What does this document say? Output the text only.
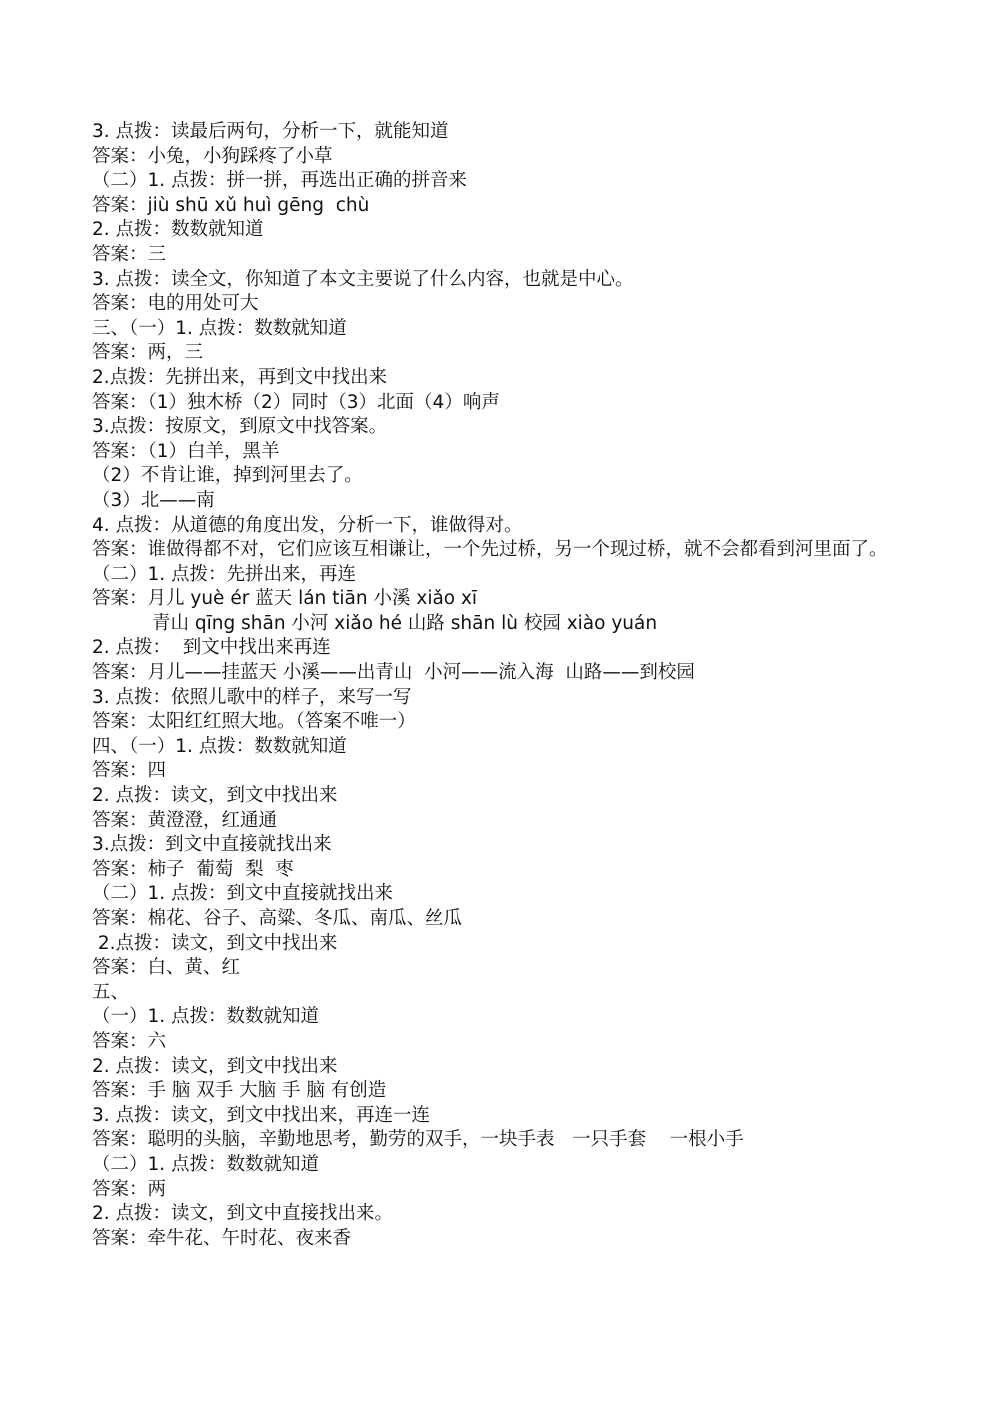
3. 点拨：读最后两句，分析一下，就能知道
答案：小兔，小狗踩疼了小草
（二）1. 点拨：拼一拼，再选出正确的拼音来
答案：jiù shū xǔ huì gēng  chù
2. 点拨：数数就知道
答案：三
3. 点拨：读全文，你知道了本文主要说了什么内容，也就是中心。
答案：电的用处可大
三、（一）1. 点拨：数数就知道
答案：两，三
2.点拨：先拼出来，再到文中找出来
答案：（1）独木桥（2）同时（3）北面（4）响声
3.点拨：按原文，到原文中找答案。
答案：（1）白羊，黑羊
（2）不肯让谁，掉到河里去了。
（3）北——南
4. 点拨：从道德的角度出发，分析一下，谁做得对。
答案：谁做得都不对，它们应该互相谦让，一个先过桥，另一个现过桥，就不会都看到河里面了。
（二）1. 点拨：先拼出来，再连
答案：月儿 yuè ér 蓝天 lán tiān 小溪 xiǎo xī
青山 qīng shān 小河 xiǎo hé 山路 shān lù 校园 xiào yuán
2. 点拨：  到文中找出来再连
答案：月儿——挂蓝天 小溪——出青山  小河——流入海  山路——到校园
3. 点拨：依照儿歌中的样子，来写一写
答案：太阳红红照大地。（答案不唯一）
四、（一）1. 点拨：数数就知道
答案：四
2. 点拨：读文，到文中找出来
答案：黄澄澄，红通通
3.点拨：到文中直接就找出来
答案：柿子  葡萄  梨  枣
（二）1. 点拨：到文中直接就找出来
答案：棉花、谷子、高粱、冬瓜、南瓜、丝瓜
2.点拨：读文，到文中找出来
答案：白、黄、红
五、
（一）1. 点拨：数数就知道
答案：六
2. 点拨：读文，到文中找出来
答案：手 脑 双手 大脑 手 脑 有创造
3. 点拨：读文，到文中找出来，再连一连
答案：聪明的头脑，辛勤地思考，勤劳的双手，一块手表   一只手套    一根小手
（二）1. 点拨：数数就知道
答案：两
2. 点拨：读文，到文中直接找出来。
答案：牵牛花、午时花、夜来香
